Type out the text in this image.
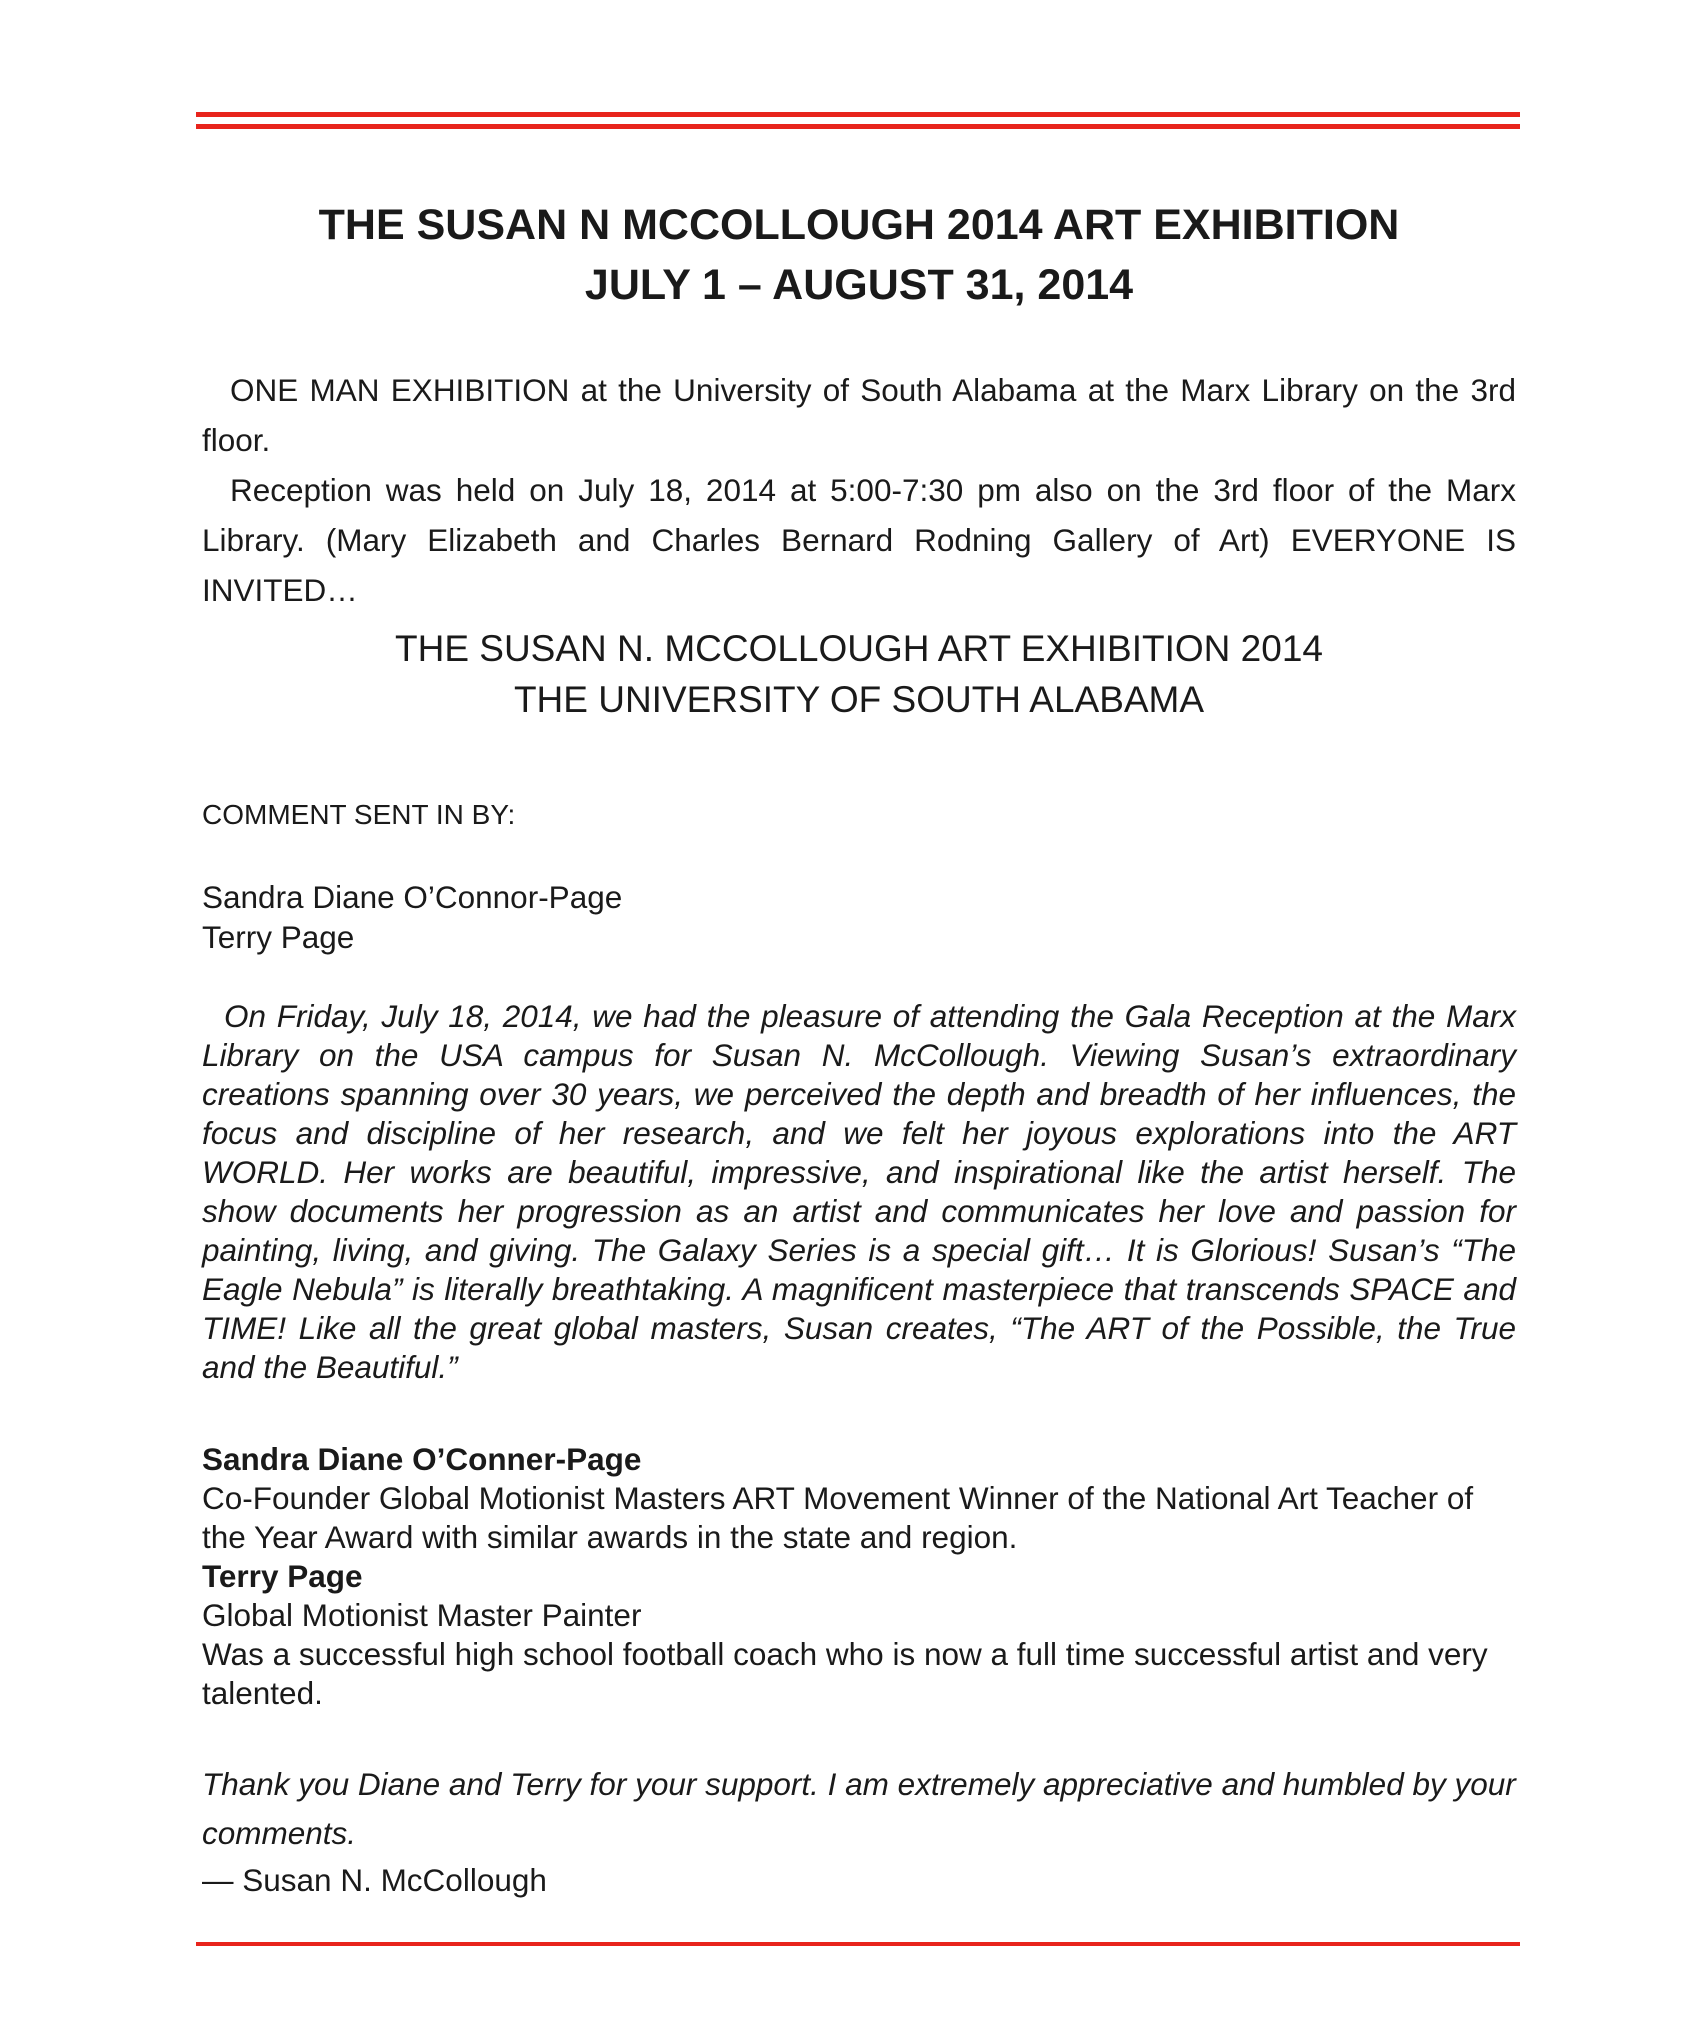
THE SUSAN N MCCOLLOUGH 2014 ART EXHIBITION
JULY 1 – AUGUST 31, 2014

ONE MAN EXHIBITION at the University of South Alabama at the Marx Library on the 3rd floor.

Reception was held on July 18, 2014 at 5:00-7:30 pm also on the 3rd floor of the Marx Library. (Mary Elizabeth and Charles Bernard Rodning Gallery of Art) EVERYONE IS INVITED…

THE SUSAN N. MCCOLLOUGH ART EXHIBITION 2014
THE UNIVERSITY OF SOUTH ALABAMA
COMMENT SENT IN BY:
Sandra Diane O’Connor-Page
Terry Page
On Friday, July 18, 2014, we had the pleasure of attending the Gala Reception at the Marx Library on the USA campus for Susan N. McCollough. Viewing Susan’s extraordinary creations spanning over 30 years, we perceived the depth and breadth of her influences, the focus and discipline of her research, and we felt her joyous explorations into the ART WORLD. Her works are beautiful, impressive, and inspirational like the artist herself. The show documents her progression as an artist and communicates her love and passion for painting, living, and giving. The Galaxy Series is a special gift… It is Glorious! Susan’s “The Eagle Nebula” is literally breathtaking. A magnificent masterpiece that transcends SPACE and TIME! Like all the great global masters, Susan creates, “The ART of the Possible, the True and the Beautiful.”
Sandra Diane O’Conner-Page
Co-Founder Global Motionist Masters ART Movement Winner of the National Art Teacher of the Year Award with similar awards in the state and region.
Terry Page
Global Motionist Master Painter
Was a successful high school football coach who is now a full time successful artist and very talented.
Thank you Diane and Terry for your support. I am extremely appreciative and humbled by your comments.
— Susan N. McCollough
